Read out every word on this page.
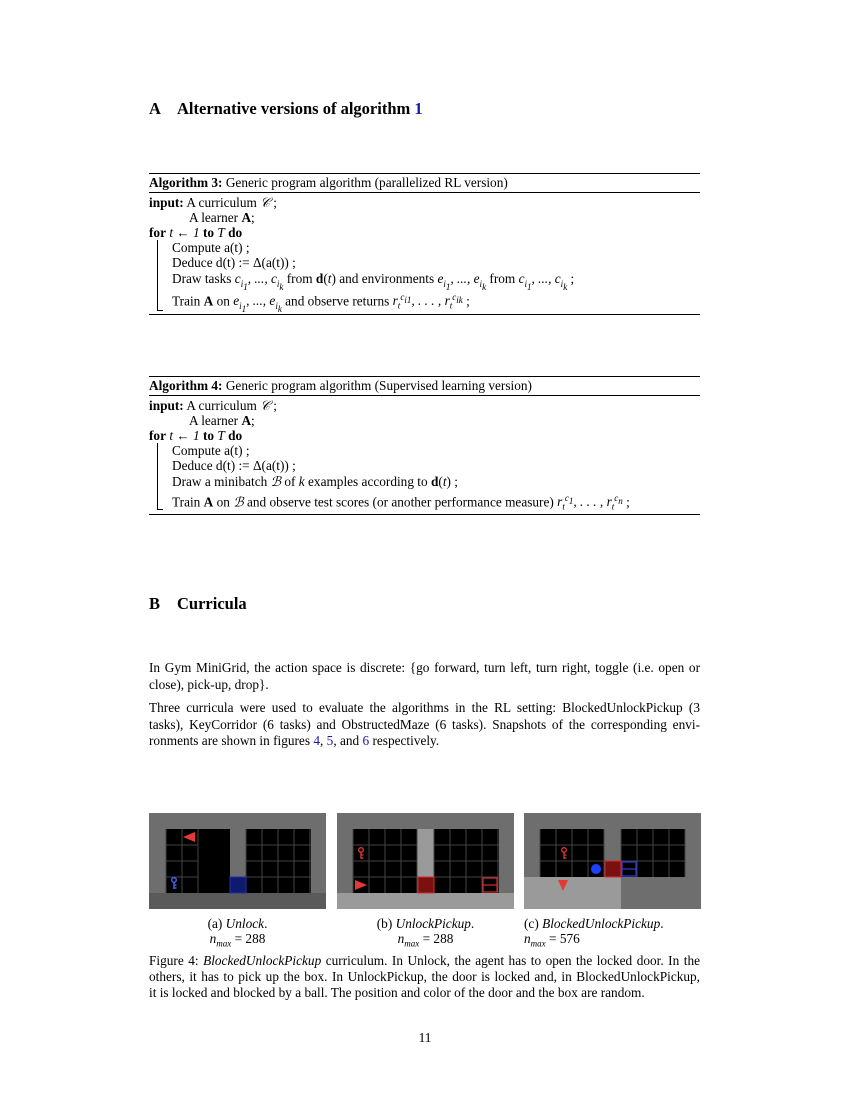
A Alternative versions of algorithm 1
Algorithm 3: Generic program algorithm (parallelized RL version)
input: A curriculum 𝒞 ;
A learner A;
for t ← 1 to T do
Compute a(t) ;
Deduce d(t) := Δ(a(t)) ;
Draw tasks $c_{i_1}$, ..., $c_{i_k}$ from d(t) and environments $e_{i_1}$, ..., $e_{i_k}$ from $c_{i_1}$, ..., $c_{i_k}$ ;
Train A on $e_{i_1}$, ..., $e_{i_k}$ and observe returns $r_t^{c_{i1}}$, . . . , $r_t^{c_{ik}}$ ;
Algorithm 4: Generic program algorithm (Supervised learning version)
input: A curriculum 𝒞 ;
A learner A;
for t ← 1 to T do
Compute a(t) ;
Deduce d(t) := Δ(a(t)) ;
Draw a minibatch ℬ of k examples according to d(t) ;
Train A on ℬ and observe test scores (or another performance measure) $r_t^{c_1}$, . . . , $r_t^{c_n}$ ;
B Curricula
In Gym MiniGrid, the action space is discrete: {go forward, turn left, turn right, toggle (i.e. open or
close), pick-up, drop}.
Three curricula were used to evaluate the algorithms in the RL setting: BlockedUnlockPickup (3
tasks), KeyCorridor (6 tasks) and ObstructedMaze (6 tasks). Snapshots of the corresponding envi-
ronments are shown in figures 4, 5, and 6 respectively.
(a) Unlock.
$n_{max} = 288$
(b) UnlockPickup.
$n_{max} = 288$
(c) BlockedUnlockPickup.
$n_{max} = 576$
Figure 4: BlockedUnlockPickup curriculum. In Unlock, the agent has to open the locked door. In the
others, it has to pick up the box. In UnlockPickup, the door is locked and, in BlockedUnlockPickup,
it is locked and blocked by a ball. The position and color of the door and the box are random.
11
